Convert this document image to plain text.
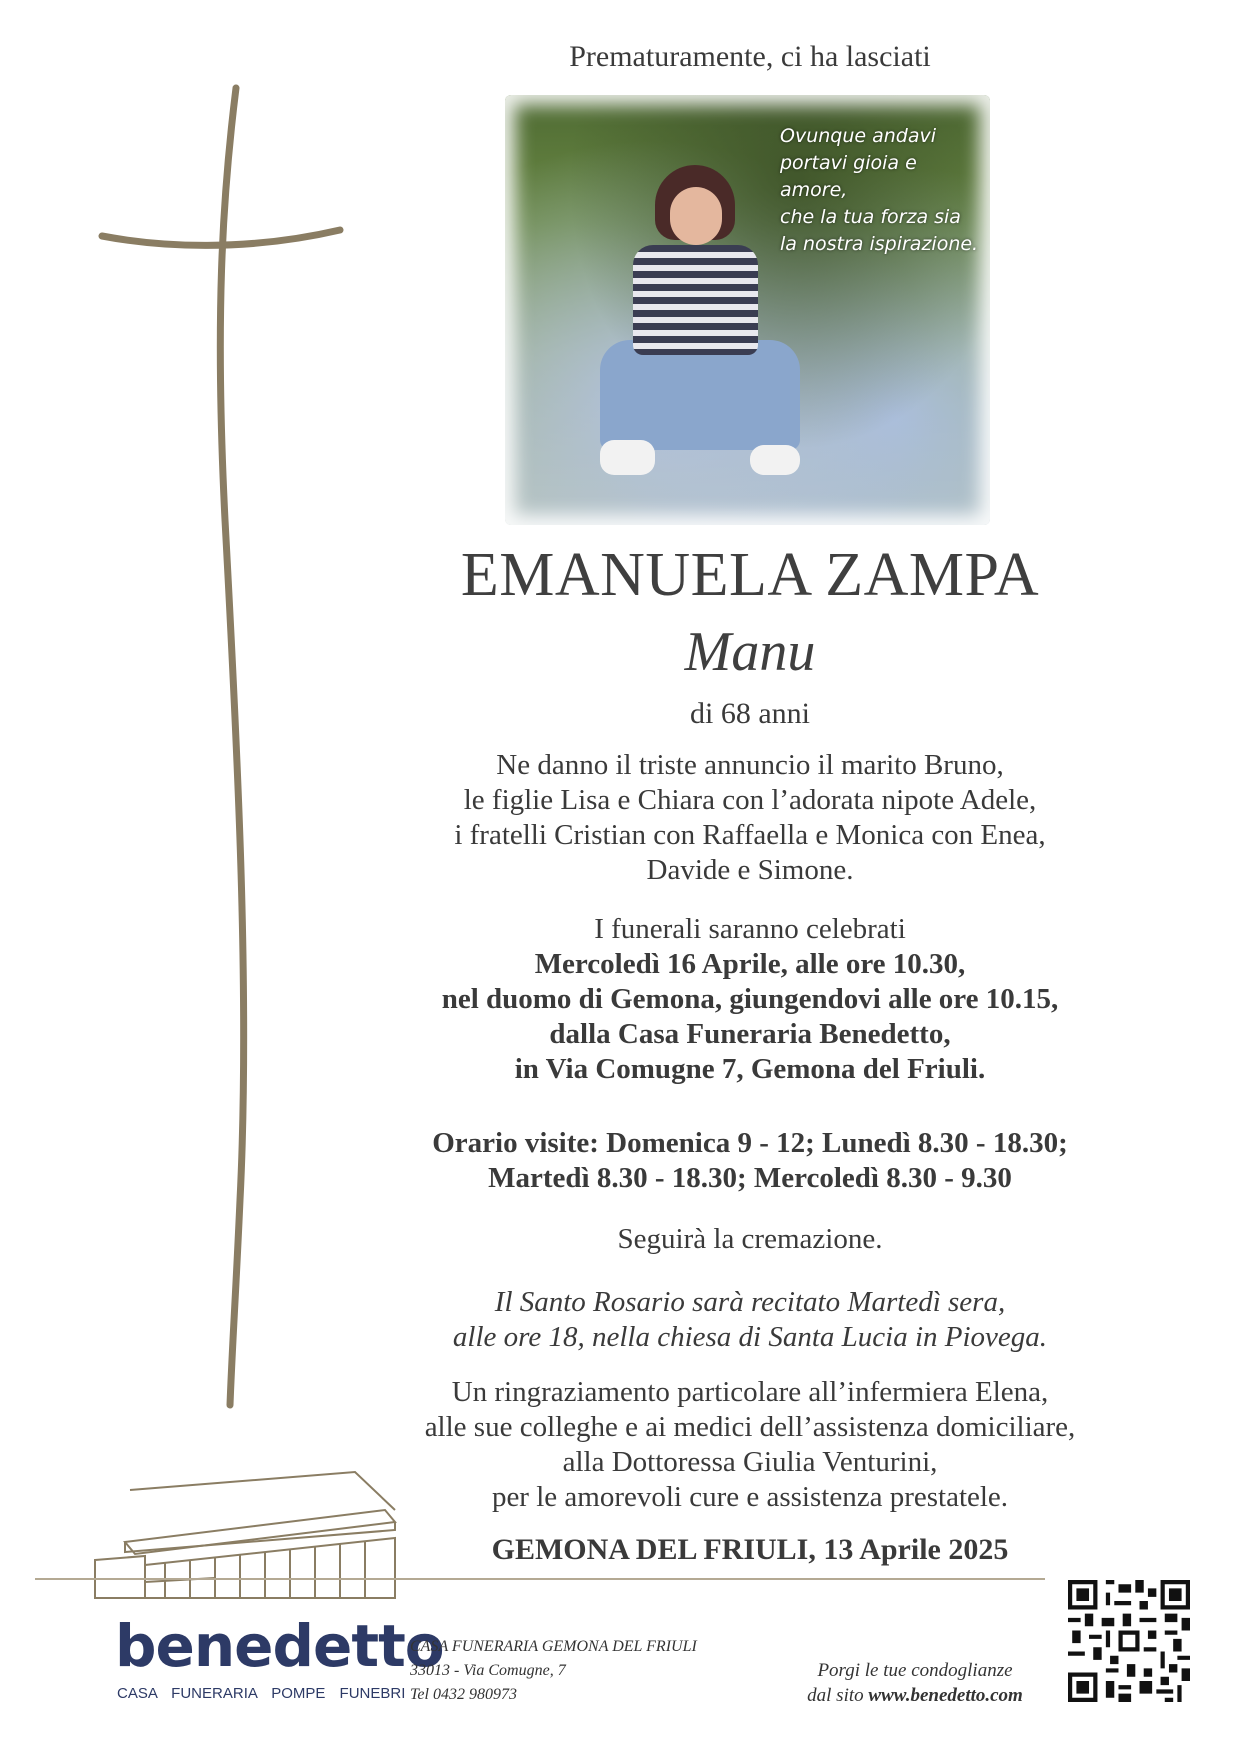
Prematuramente, ci ha lasciati
Ovunque andavi
portavi gioia e amore,
che la tua forza sia
la nostra ispirazione.
EMANUELA ZAMPA
Manu
di 68 anni
Ne danno il triste annuncio il marito Bruno,
le figlie Lisa e Chiara con l’adorata nipote Adele,
i fratelli Cristian con Raffaella e Monica con Enea,
Davide e Simone.
I funerali saranno celebrati
Mercoledì 16 Aprile, alle ore 10.30,
nel duomo di Gemona, giungendovi alle ore 10.15,
dalla Casa Funeraria Benedetto,
in Via Comugne 7, Gemona del Friuli.
Orario visite: Domenica 9 - 12; Lunedì 8.30 - 18.30;
Martedì 8.30 - 18.30; Mercoledì 8.30 - 9.30
Seguirà la cremazione.
Il Santo Rosario sarà recitato Martedì sera,
alle ore 18, nella chiesa di Santa Lucia in Piovega.
Un ringraziamento particolare all’infermiera Elena,
alle sue colleghe e ai medici dell’assistenza domiciliare,
alla Dottoressa Giulia Venturini,
per le amorevoli cure e assistenza prestatele.
GEMONA DEL FRIULI, 13 Aprile 2025
benedetto
CASA FUNERARIA POMPE FUNEBRI
CASA FUNERARIA GEMONA DEL FRIULI
33013 - Via Comugne, 7
Tel 0432 980973
Porgi le tue condoglianze
dal sito www.benedetto.com
